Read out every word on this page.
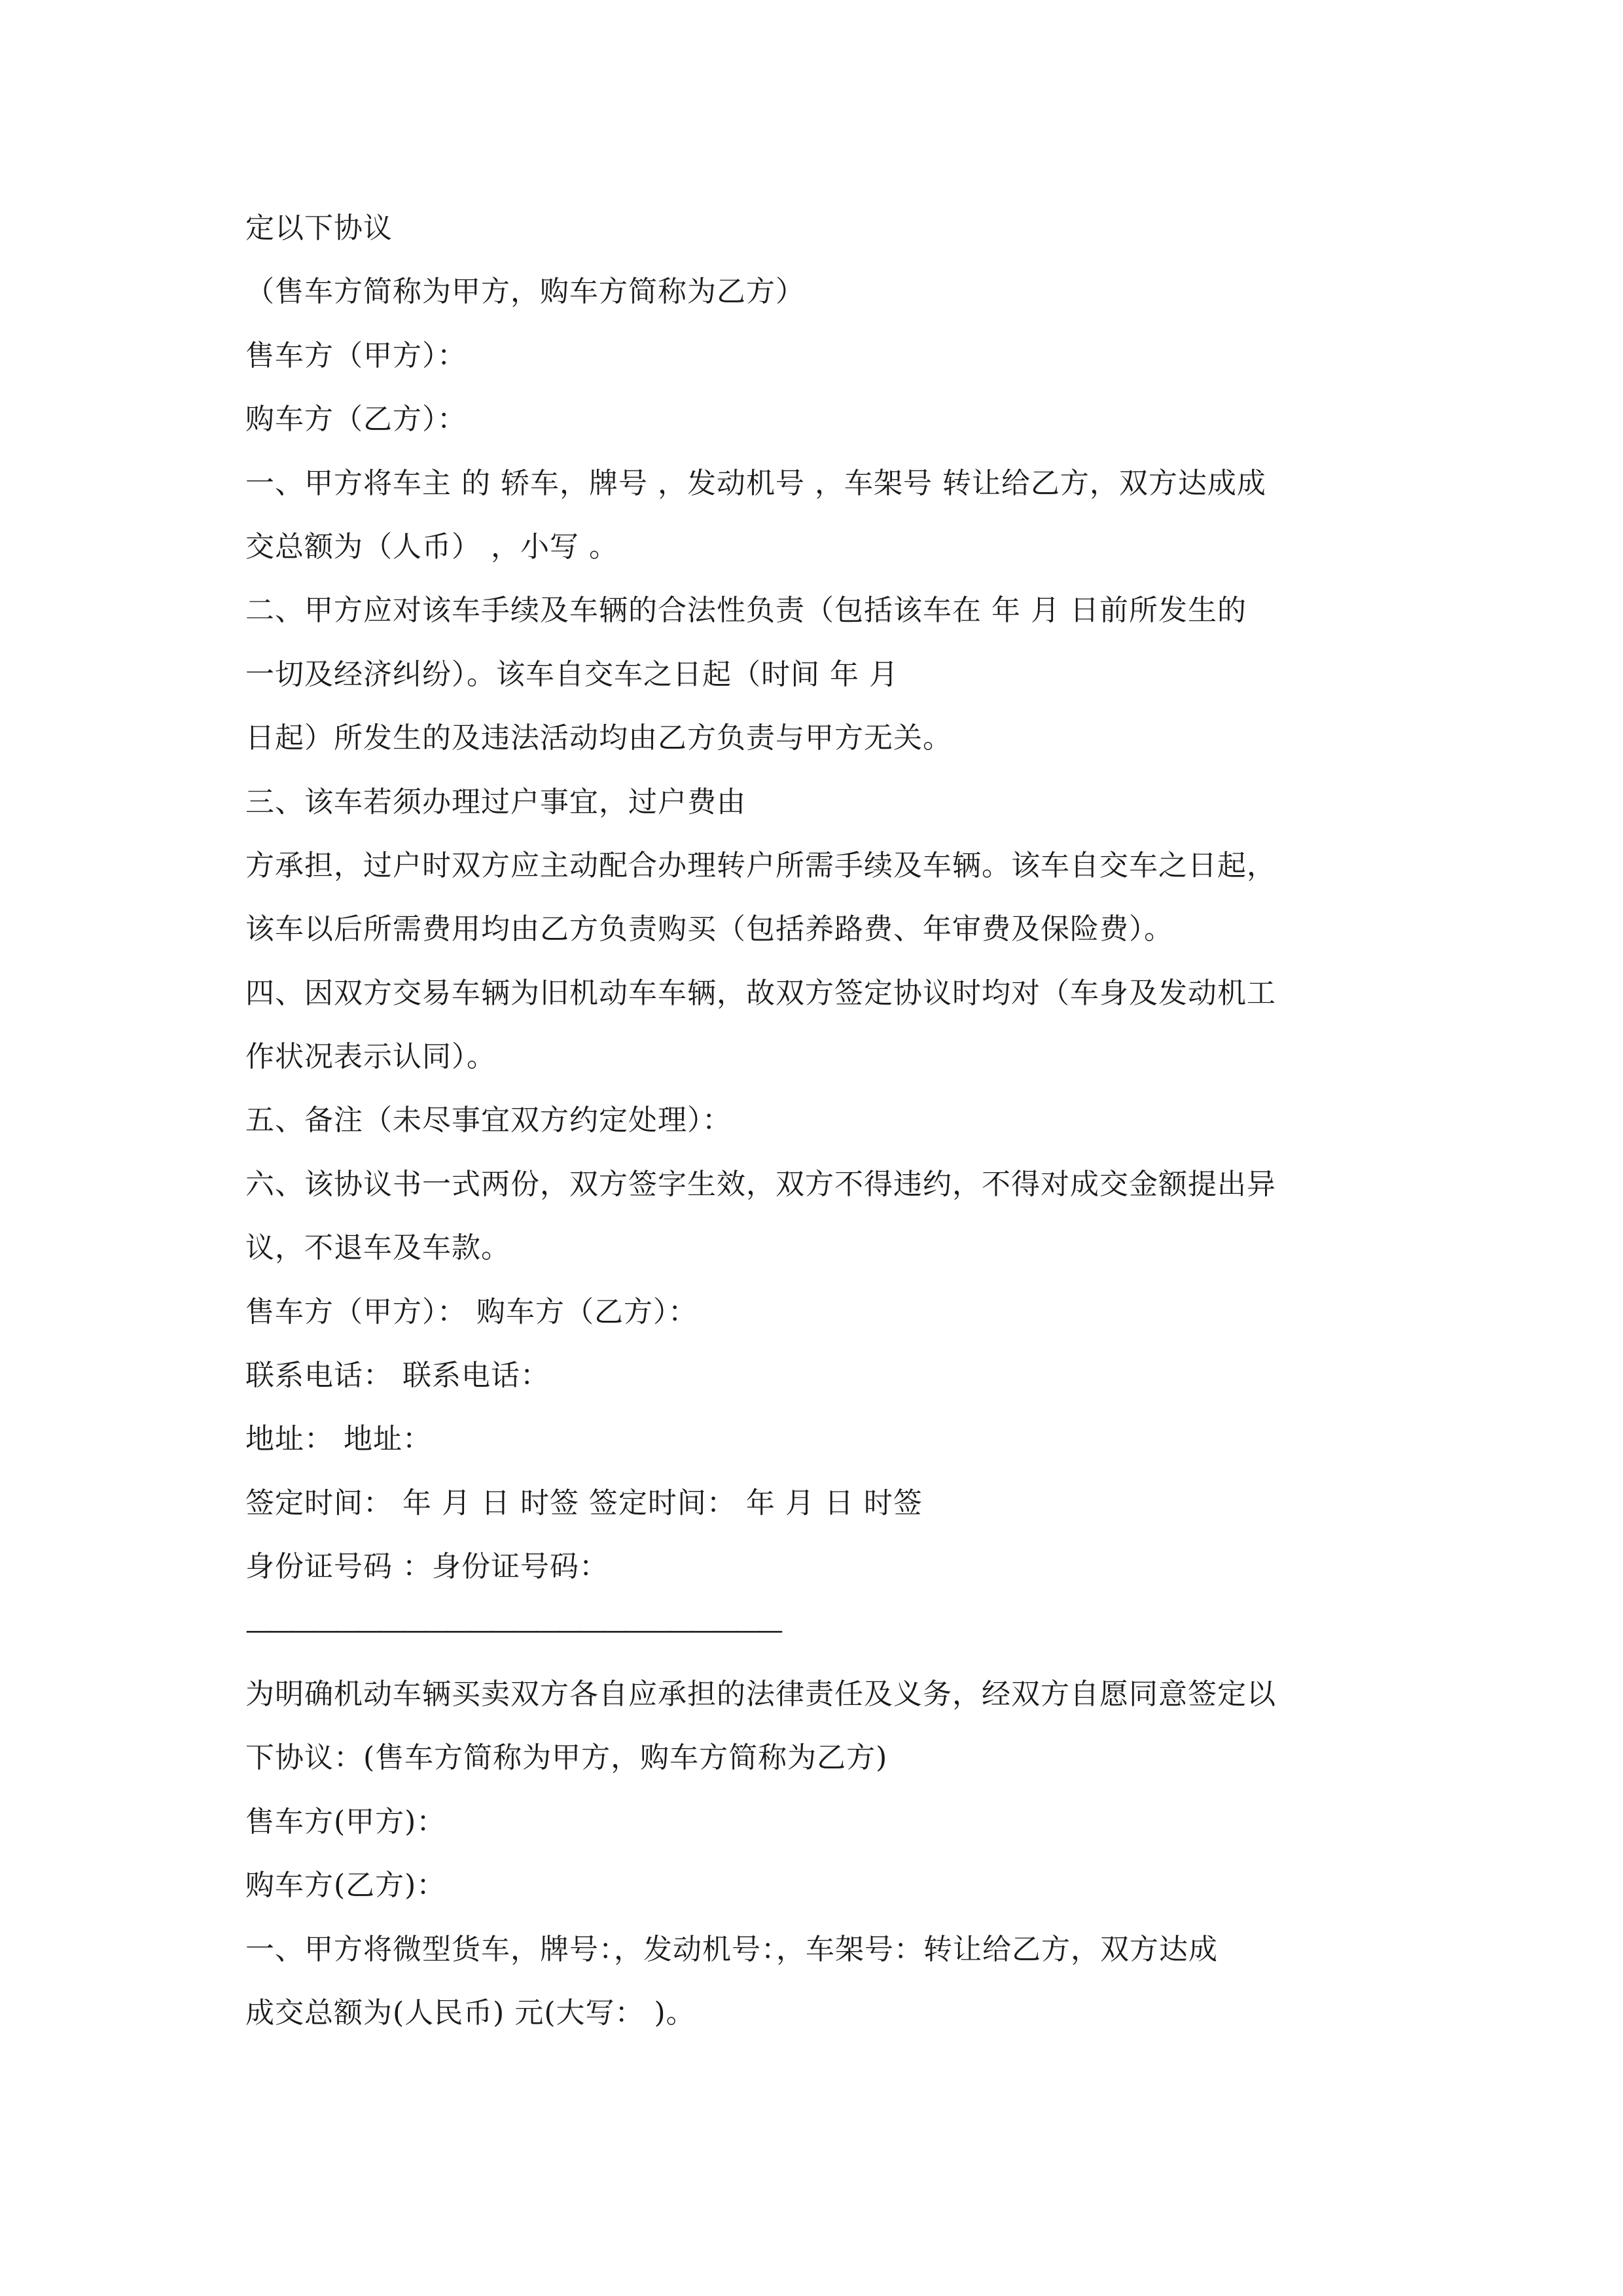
定以下协议
（售车方简称为甲方，购车方简称为乙方）
售车方（甲方）：
购车方（乙方）：
一、甲方将车主 的 轿车，牌号 ，发动机号 ，车架号 转让给乙方，双方达成成
交总额为（人币） ，小写 。
二、甲方应对该车手续及车辆的合法性负责（包括该车在 年 月 日前所发生的
一切及经济纠纷）。该车自交车之日起（时间 年 月
日起）所发生的及违法活动均由乙方负责与甲方无关。
三、该车若须办理过户事宜，过户费由
方承担，过户时双方应主动配合办理转户所需手续及车辆。该车自交车之日起，
该车以后所需费用均由乙方负责购买（包括养路费、年审费及保险费）。
四、因双方交易车辆为旧机动车车辆，故双方签定协议时均对（车身及发动机工
作状况表示认同）。
五、备注（未尽事宜双方约定处理）：
六、该协议书一式两份，双方签字生效，双方不得违约，不得对成交金额提出异
议，不退车及车款。
售车方（甲方）： 购车方（乙方）：
联系电话： 联系电话：
地址： 地址：
签定时间： 年 月 日 时签 签定时间： 年 月 日 时签
身份证号码 ：身份证号码：
————————————————————————
为明确机动车辆买卖双方各自应承担的法律责任及义务，经双方自愿同意签定以
下协议：(售车方简称为甲方，购车方简称为乙方)
售车方(甲方)：
购车方(乙方)：
一、甲方将微型货车，牌号：，发动机号：，车架号：转让给乙方，双方达成
成交总额为(人民币) 元(大写： )。
